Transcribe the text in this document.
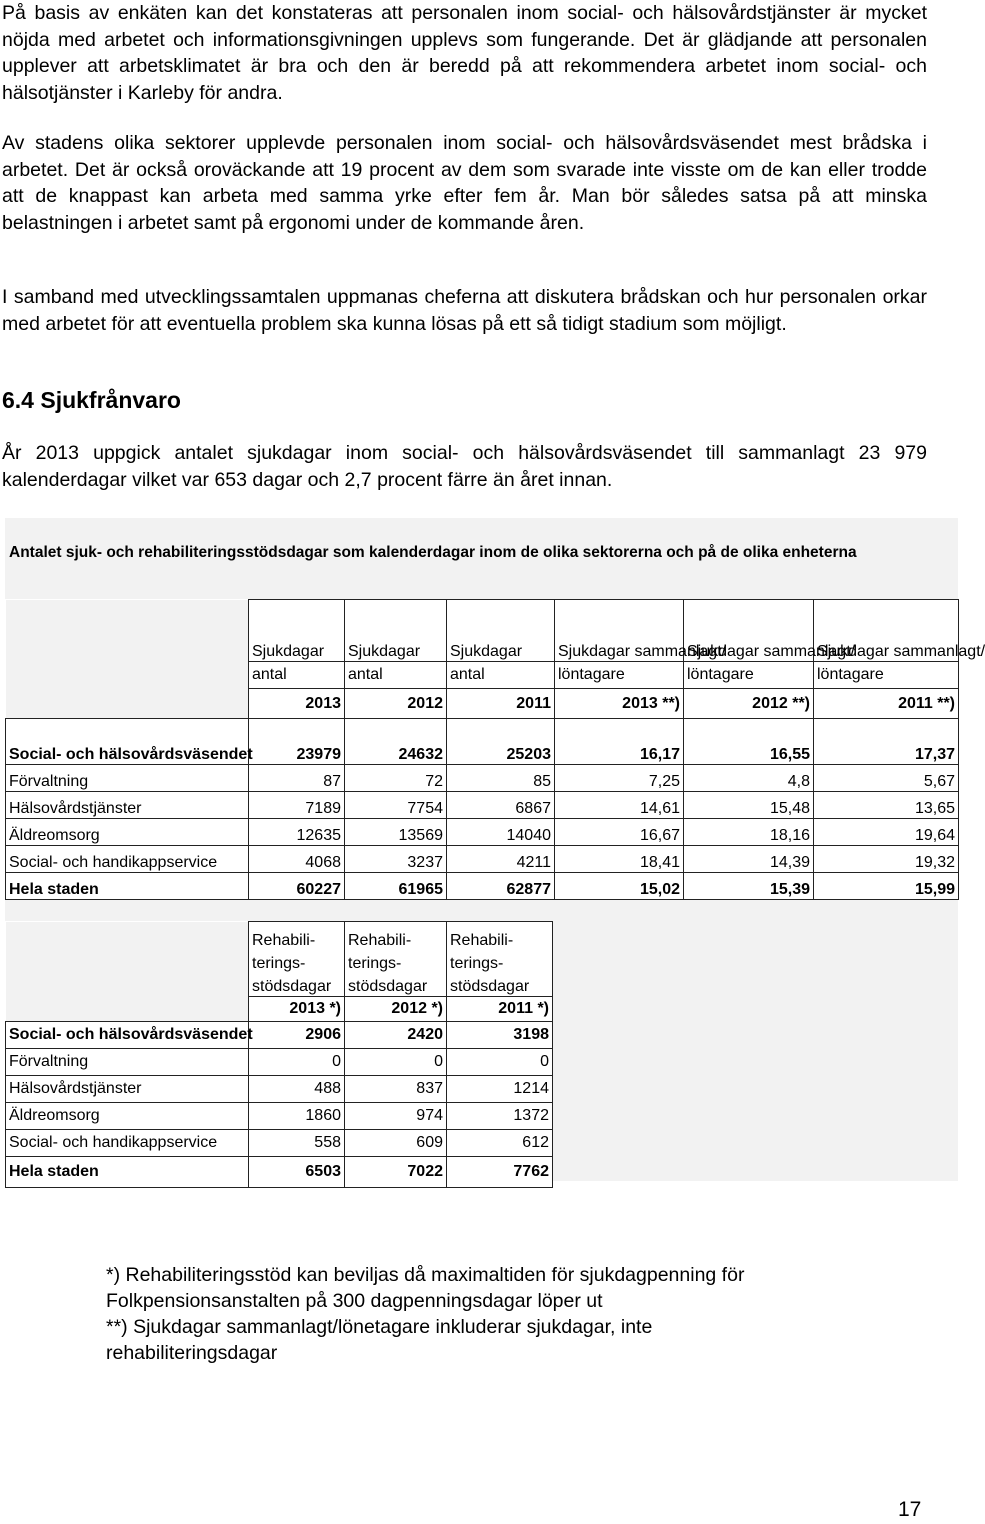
På basis av enkäten kan det konstateras att personalen inom social- och hälsovårdstjänster är mycket nöjda med arbetet och informationsgivningen upplevs som fungerande. Det är glädjande att personalen upplever att arbetsklimatet är bra och den är beredd på att rekommendera arbetet inom social- och hälsotjänster i Karleby för andra.

Av stadens olika sektorer upplevde personalen inom social- och hälsovårdsväsendet mest brådska i arbetet. Det är också oroväckande att 19 procent av dem som svarade inte visste om de kan eller trodde att de knappast kan arbeta med samma yrke efter fem år. Man bör således satsa på att minska belastningen i arbetet samt på ergonomi under de kommande åren.

I samband med utvecklingssamtalen uppmanas cheferna att diskutera brådskan och hur personalen orkar med arbetet för att eventuella problem ska kunna lösas på ett så tidigt stadium som möjligt.

6.4 Sjukfrånvaro

År 2013 uppgick antalet sjukdagar inom social- och hälsovårdsväsendet till sammanlagt 23 979 kalenderdagar vilket var 653 dagar och 2,7 procent färre än året innan.

Antalet sjuk- och rehabiliteringsstödsdagar som kalenderdagar inom de olika sektorerna och på de olika enheterna
	Sjukdagar	Sjukdagar	Sjukdagar	Sjukdagar sammanlagt/	Sjukdagar sammanlagt/	Sjukdagar sammanlagt/
	antal	antal	antal	löntagare	löntagare	löntagare
	2013	2012	2011	2013 **)	2012 **)	2011 **)
Social- och hälsovårdsväsendet	23979	24632	25203	16,17	16,55	17,37
Förvaltning	87	72	85	7,25	4,8	5,67
Hälsovårdstjänster	7189	7754	6867	14,61	15,48	13,65
Äldreomsorg	12635	13569	14040	16,67	18,16	19,64
Social- och handikappservice	4068	3237	4211	18,41	14,39	19,32
Hela staden	60227	61965	62877	15,02	15,39	15,99
	Rehabili-	Rehabili-	Rehabili-
	terings-	terings-	terings-
	stödsdagar	stödsdagar	stödsdagar
	2013 *)	2012 *)	2011 *)
Social- och hälsovårdsväsendet	2906	2420	3198
Förvaltning	0	0	0
Hälsovårdstjänster	488	837	1214
Äldreomsorg	1860	974	1372
Social- och handikappservice	558	609	612
Hela staden	6503	7022	7762
*) Rehabiliteringsstöd kan beviljas då maximaltiden för sjukdagpenning för
Folkpensionsanstalten på 300 dagpenningsdagar löper ut
**) Sjukdagar sammanlagt/lönetagare inkluderar sjukdagar, inte
rehabiliteringsdagar
17
